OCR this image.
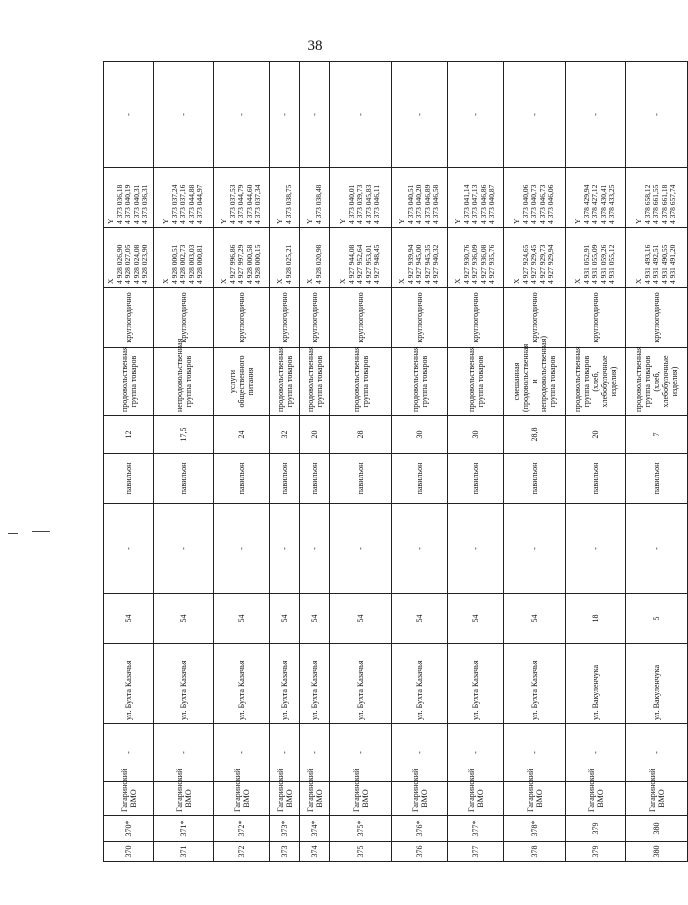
38
370	370*	Гагаринский ВМО	-	ул. Бухта Казачья	54	-	павильон	12	продовольственная группа товаров	круглогодично	X
4 928 026,90
4 928 027,05
4 928 024,08
4 928 023,90	Y
4 373 036,18
4 373 040,19
4 373 040,31
4 373 036,31	-
371	371*	Гагаринский ВМО	-	ул. Бухта Казачья	54	-	павильон	17,5	непродовольственная группа товаров	круглогодично	X
4 928 000,51
4 928 002,73
4 928 003,03
4 928 000,81	Y
4 373 037,24
4 373 037,16
4 373 044,88
4 373 044,97	-
372	372*	Гагаринский ВМО	-	ул. Бухта Казачья	54	-	павильон	24	услуги общественного питания	круглогодично	X
4 927 996,86
4 927 997,29
4 928 000,58
4 928 000,15	Y
4 373 037,53
4 373 044,79
4 373 044,60
4 373 037,34	-
373	373*	Гагаринский ВМО	-	ул. Бухта Казачья	54	-	павильон	32	продовольственная группа товаров	круглогодично	X
4 928 025,21	Y
4 373 038,75	-
374	374*	Гагаринский ВМО	-	ул. Бухта Казачья	54	-	павильон	20	продовольственная группа товаров	круглогодично	X
4 928 020,98	Y
4 373 038,48	-
375	375*	Гагаринский ВМО	-	ул. Бухта Казачья	54	-	павильон	28	продовольственная группа товаров	круглогодично	X
4 927 944,08
4 927 952,64
4 927 953,01
4 927 948,45	Y
4 373 040,01
4 373 039,73
4 373 045,83
4 373 046,11	-
376	376*	Гагаринский ВМО	-	ул. Бухта Казачья	54	-	павильон	30	продовольственная группа товаров	круглогодично	X
4 927 939,94
4 927 945,00
4 927 945,35
4 927 940,32	Y
4 373 040,51
4 373 040,20
4 373 046,89
4 373 046,58	-
377	377*	Гагаринский ВМО	-	ул. Бухта Казачья	54	-	павильон	30	продовольственная группа товаров	круглогодично	X
4 927 930,76
4 927 936,09
4 927 936,08
4 927 935,76	Y
4 373 041,14
4 373 047,13
4 373 046,86
4 373 040,87	-
378	378*	Гагаринский ВМО	-	ул. Бухта Казачья	54	-	павильон	28,8	смешанная (продовольственная и непродовольственная) группа товаров	круглогодично	X
4 927 924,65
4 927 929,45
4 927 929,73
4 927 929,94	Y
4 373 040,06
4 373 040,73
4 373 046,73
4 373 046,06	-
379	379	Гагаринский ВМО	-	ул. Вакуленчука	18	-	павильон	20	продовольственная группа товаров (хлеб, хлебобулочные изделия)	круглогодично	X
4 931 052,91
4 931 055,09
4 931 059,26
4 931 055,12	Y
4 378 429,94
4 378 427,12
4 378 430,41
4 378 433,25	-
380	380	Гагаринский ВМО	-	ул. Вакуленчука	5	-	павильон	7	продовольственная группа товаров (хлеб, хлебобулочные изделия)	круглогодично	X
4 931 493,16
4 931 492,51
4 931 490,55
4 931 491,20	Y
4 378 658,12
4 378 661,55
4 378 661,18
4 378 657,74	-
